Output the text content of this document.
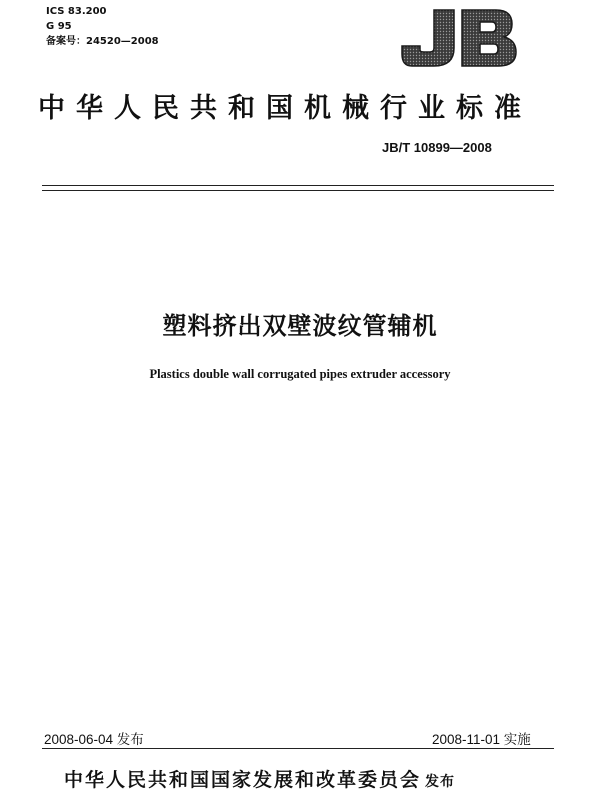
ICS 83.200
G 95
备案号：24520—2008
中华人民共和国机械行业标准
JB/T 10899—2008
塑料挤出双壁波纹管辅机
Plastics double wall corrugated pipes extruder accessory
2008-06-04 发布	2008-11-01 实施
中华人民共和国国家发展和改革委员会 发布
